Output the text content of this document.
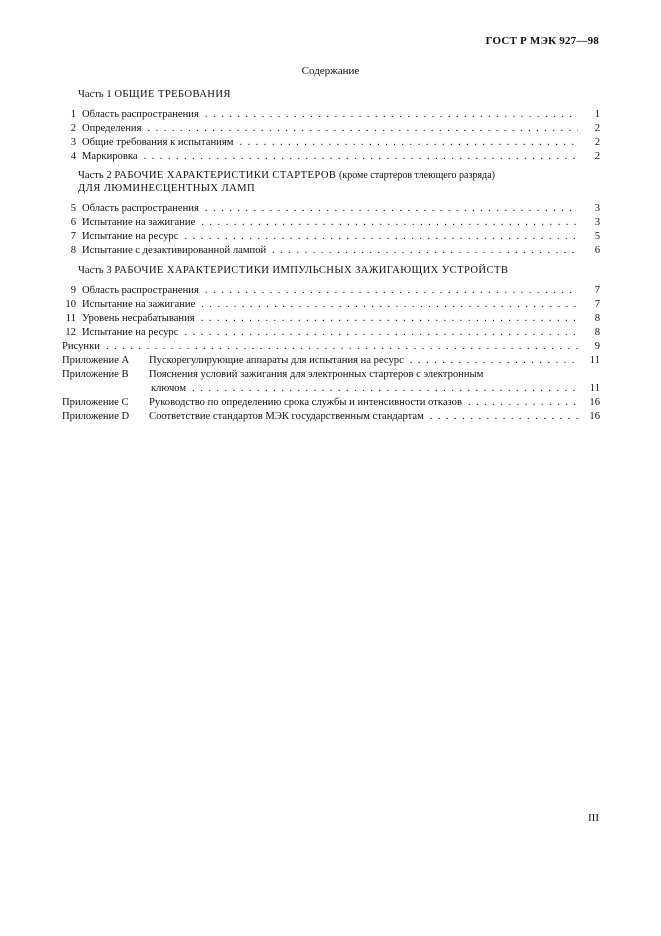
ГОСТ Р МЭК 927—98
Содержание
Часть 1 ОБЩИЕ ТРЕБОВАНИЯ
1 Область распространения . . .	1
2 Определения . . .	2
3 Общие требования к испытаниям . . .	2
4 Маркировка . . .	2
Часть 2 РАБОЧИЕ ХАРАКТЕРИСТИКИ СТАРТЕРОВ (кроме стартеров тлеющего разряда)
ДЛЯ ЛЮМИНЕСЦЕНТНЫХ ЛАМП
5 Область распространения . . .	3
6 Испытание на зажигание . . .	3
7 Испытание на ресурс . . .	5
8 Испытание с дезактивированной лампой . . .	6
Часть 3 РАБОЧИЕ ХАРАКТЕРИСТИКИ ИМПУЛЬСНЫХ ЗАЖИГАЮЩИХ УСТРОЙСТВ
9 Область распространения . . .	7
10 Испытание на зажигание . . .	7
11 Уровень несрабатывания . . .	8
12 Испытание на ресурс . . .	8
Рисунки . . .	9
Приложение A	Пускорегулирующие аппараты для испытания на ресурс . . .	11
Приложение B	Пояснения условий зажигания для электронных стартеров с электронным
ключом . . .	11
Приложение C	Руководство по определению срока службы и интенсивности отказов . . .	16
Приложение D	Соответствие стандартов МЭК государственным стандартам . . .	16
III
